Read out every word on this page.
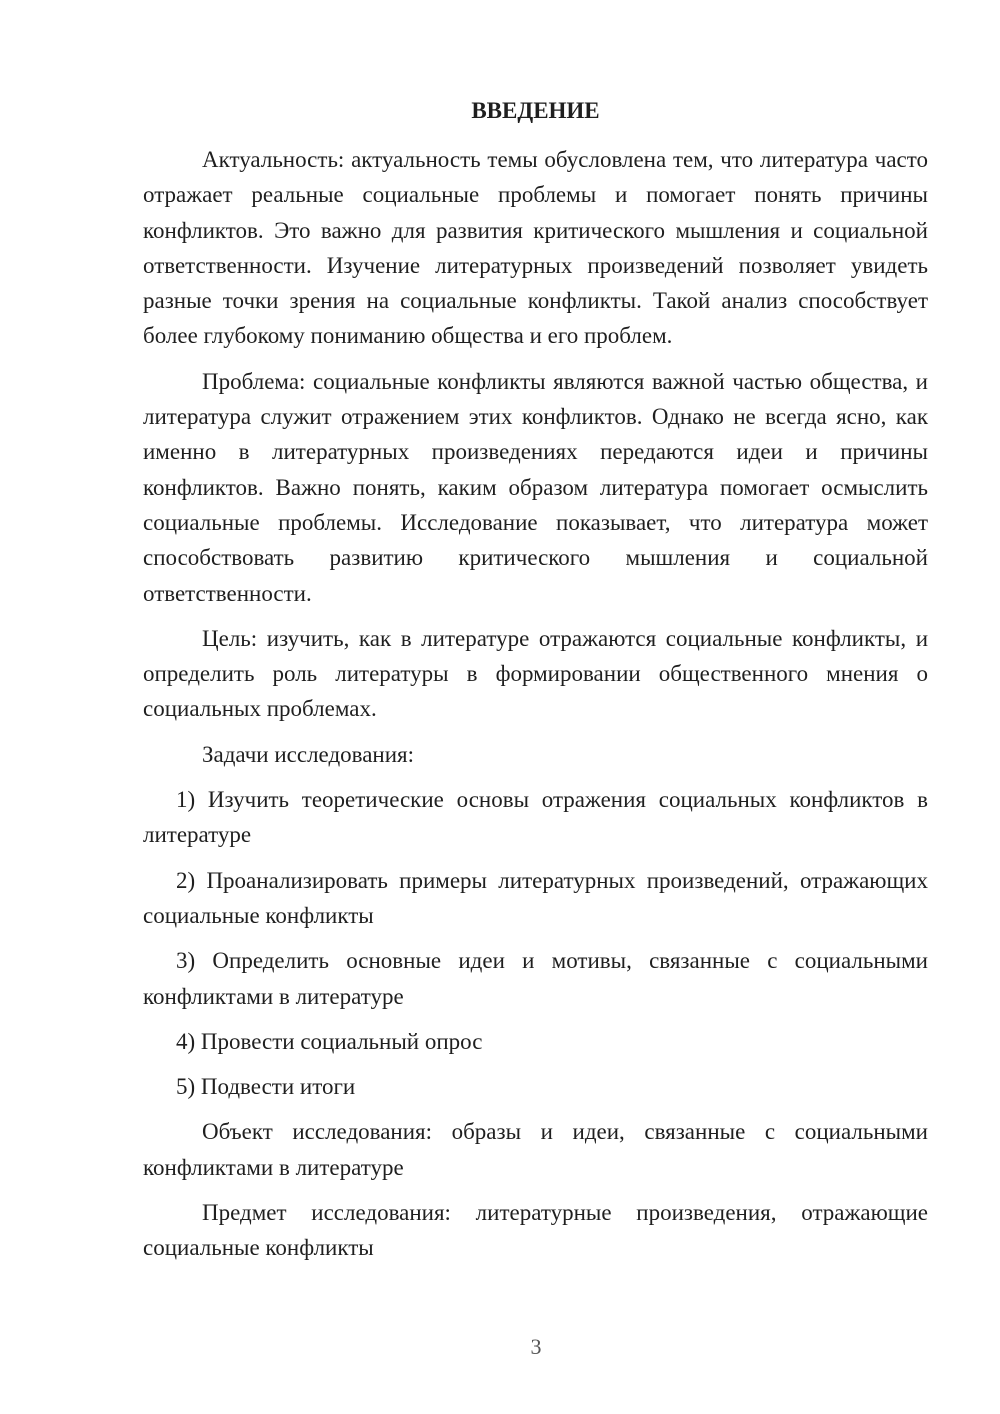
ВВЕДЕНИЕ

Актуальность: актуальность темы обусловлена тем, что литература часто отражает реальные социальные проблемы и помогает понять причины конфликтов. Это важно для развития критического мышления и социальной ответственности. Изучение литературных произведений позволяет увидеть разные точки зрения на социальные конфликты. Такой анализ способствует более глубокому пониманию общества и его проблем.

Проблема: социальные конфликты являются важной частью общества, и литература служит отражением этих конфликтов. Однако не всегда ясно, как именно в литературных произведениях передаются идеи и причины конфликтов. Важно понять, каким образом литература помогает осмыслить социальные проблемы. Исследование показывает, что литература может способствовать развитию критического мышления и социальной ответственности.

Цель: изучить, как в литературе отражаются социальные конфликты, и определить роль литературы в формировании общественного мнения о социальных проблемах.

Задачи исследования:

1) Изучить теоретические основы отражения социальных конфликтов в литературе

2) Проанализировать примеры литературных произведений, отражающих социальные конфликты

3) Определить основные идеи и мотивы, связанные с социальными конфликтами в литературе

4) Провести социальный опрос

5) Подвести итоги

Объект исследования: образы и идеи, связанные с социальными конфликтами в литературе

Предмет исследования: литературные произведения, отражающие социальные конфликты

3
